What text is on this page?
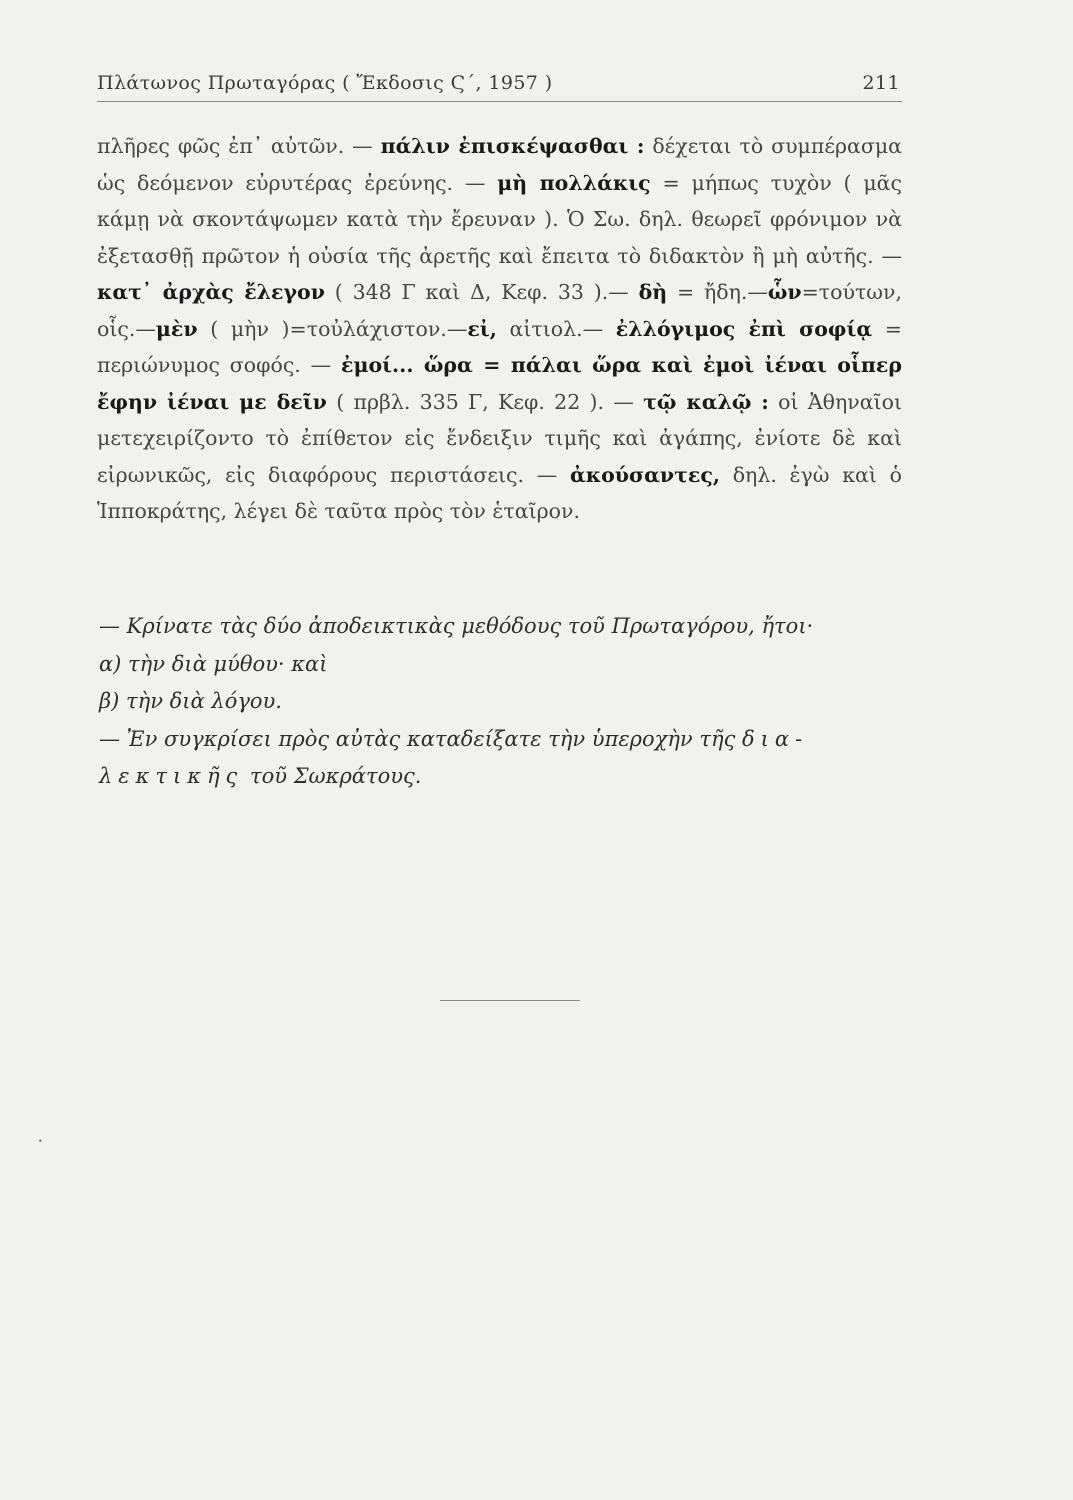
Πλάτωνος Πρωταγόρας ( Ἔκδοσις Ϛ΄, 1957 )	211

πλῆρες φῶς ἐπ᾽ αὐτῶν. — πάλιν ἐπισκέψασθαι : δέχεται τὸ συμπέρασμα ὡς δεόμενον εὐρυτέρας ἐρεύνης. — μὴ πολλάκις = μήπως τυχὸν ( μᾶς κάμῃ νὰ σκοντάψωμεν κατὰ τὴν ἔρευναν ). Ὁ Σω. δηλ. θεωρεῖ φρόνιμον νὰ ἐξετασθῇ πρῶτον ἡ οὐσία τῆς ἀρετῆς καὶ ἔπειτα τὸ διδακτὸν ἢ μὴ αὐτῆς. — κατ᾽ ἀρχὰς ἔλεγον ( 348 Γ καὶ Δ, Κεφ. 33 ).— δὴ = ἤδη.—ὧν=τούτων, οἷς.—μὲν ( μὴν )=τοὐλάχιστον.—εἰ, αἰτιολ.— ἐλλόγιμος ἐπὶ σοφίᾳ = περιώνυμος σοφός. — ἐμοί... ὥρα = πάλαι ὥρα καὶ ἐμοὶ ἰέναι οἷπερ ἔφην ἰέναι με δεῖν ( πρβλ. 335 Γ, Κεφ. 22 ). — τῷ καλῷ : οἱ Ἀθηναῖοι μετεχειρίζοντο τὸ ἐπίθετον εἰς ἔνδειξιν τιμῆς καὶ ἀγάπης, ἐνίοτε δὲ καὶ εἰρωνικῶς, εἰς διαφόρους περιστάσεις. — ἀκούσαντες, δηλ. ἐγὼ καὶ ὁ Ἱπποκράτης, λέγει δὲ ταῦτα πρὸς τὸν ἑταῖρον.

— Κρίνατε τὰς δύο ἀποδεικτικὰς μεθόδους τοῦ Πρωταγόρου, ἤτοι·
α) τὴν διὰ μύθου· καὶ
β) τὴν διὰ λόγου.
— Ἐν συγκρίσει πρὸς αὐτὰς καταδείξατε τὴν ὑπεροχὴν τῆς δια-
λεκτικῆς τοῦ Σωκράτους.
•
